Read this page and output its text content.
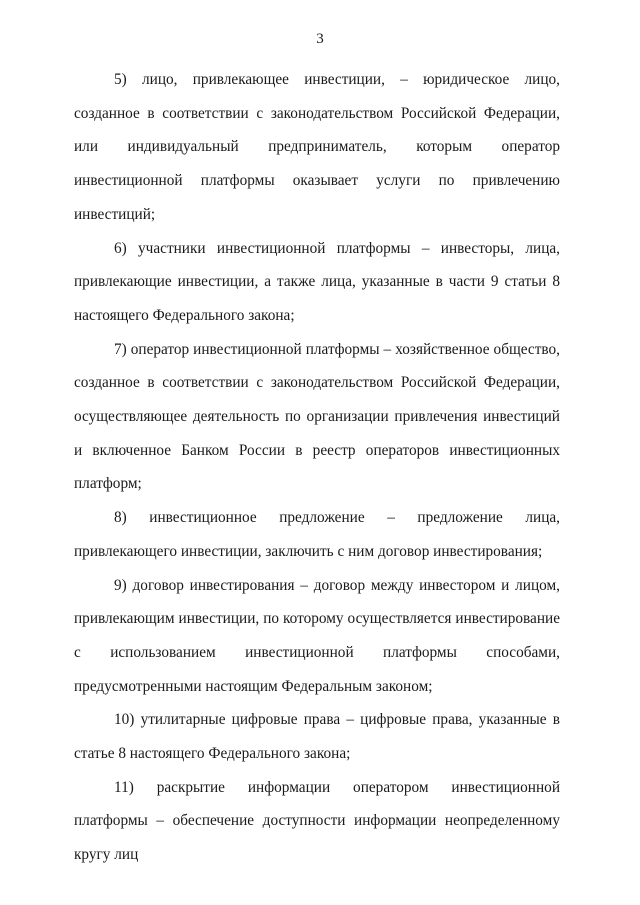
3

5) лицо, привлекающее инвестиции, – юридическое лицо, созданное в соответствии с законодательством Российской Федерации, или индивидуальный предприниматель, которым оператор инвестиционной платформы оказывает услуги по привлечению инвестиций;

6) участники инвестиционной платформы – инвесторы, лица, привлекающие инвестиции, а также лица, указанные в части 9 статьи 8 настоящего Федерального закона;

7) оператор инвестиционной платформы – хозяйственное общество, созданное в соответствии с законодательством Российской Федерации, осуществляющее деятельность по организации привлечения инвестиций и включенное Банком России в реестр операторов инвестиционных платформ;

8) инвестиционное предложение – предложение лица, привлекающего инвестиции, заключить с ним договор инвестирования;

9) договор инвестирования – договор между инвестором и лицом, привлекающим инвестиции, по которому осуществляется инвестирование с использованием инвестиционной платформы способами, предусмотренными настоящим Федеральным законом;

10) утилитарные цифровые права – цифровые права, указанные в статье 8 настоящего Федерального закона;

11) раскрытие информации оператором инвестиционной платформы – обеспечение доступности информации неопределенному кругу лиц
